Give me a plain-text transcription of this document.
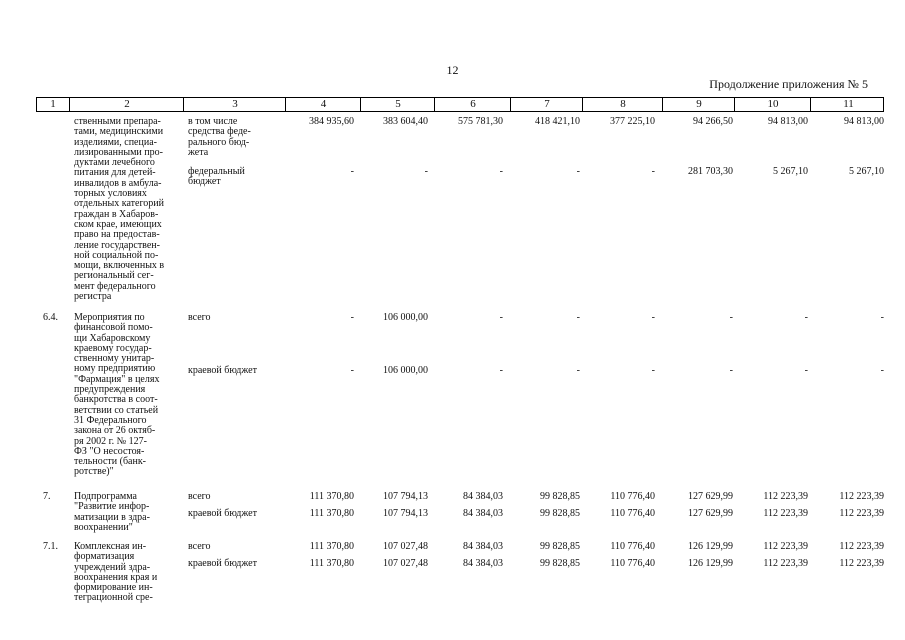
12
Продолжение приложения № 5
1	2	3	4	5	6	7	8	9	10	11
ственными препара-
тами, медицинскими
изделиями, специа-
лизированными про-
дуктами лечебного
питания для детей-
инвалидов в амбула-
торных условиях
отдельных категорий
граждан в Хабаров-
ском крае, имеющих
право на предостав-
ление государствен-
ной социальной по-
мощи, включенных в
региональный сег-
мент федерального
регистра
в том числе
средства феде-
рального бюд-
жета
384 935,60	383 604,40	575 781,30	418 421,10	377 225,10	94 266,50	94 813,00	94 813,00
федеральный
бюджет
-	-	-	-	-	281 703,30	5 267,10	5 267,10
6.4. Мероприятия по
финансовой помо-
щи Хабаровскому
краевому государ-
ственному унитар-
ному предприятию
"Фармация" в целях
предупреждения
банкротства в соот-
ветствии со статьей
31 Федерального
закона от 26 октяб-
ря 2002 г. № 127-
ФЗ "О несостоя-
тельности (банк-
ротстве)"
всего	-	106 000,00	-	-	-	-	-	-
краевой бюджет	-	106 000,00	-	-	-	-	-	-
7. Подпрограмма
"Развитие инфор-
матизации в здра-
воохранении"
всего	111 370,80	107 794,13	84 384,03	99 828,85	110 776,40	127 629,99	112 223,39	112 223,39
краевой бюджет	111 370,80	107 794,13	84 384,03	99 828,85	110 776,40	127 629,99	112 223,39	112 223,39
7.1. Комплексная ин-
форматизация
учреждений здра-
воохранения края и
формирование ин-
теграционной сре-
всего	111 370,80	107 027,48	84 384,03	99 828,85	110 776,40	126 129,99	112 223,39	112 223,39
краевой бюджет	111 370,80	107 027,48	84 384,03	99 828,85	110 776,40	126 129,99	112 223,39	112 223,39
